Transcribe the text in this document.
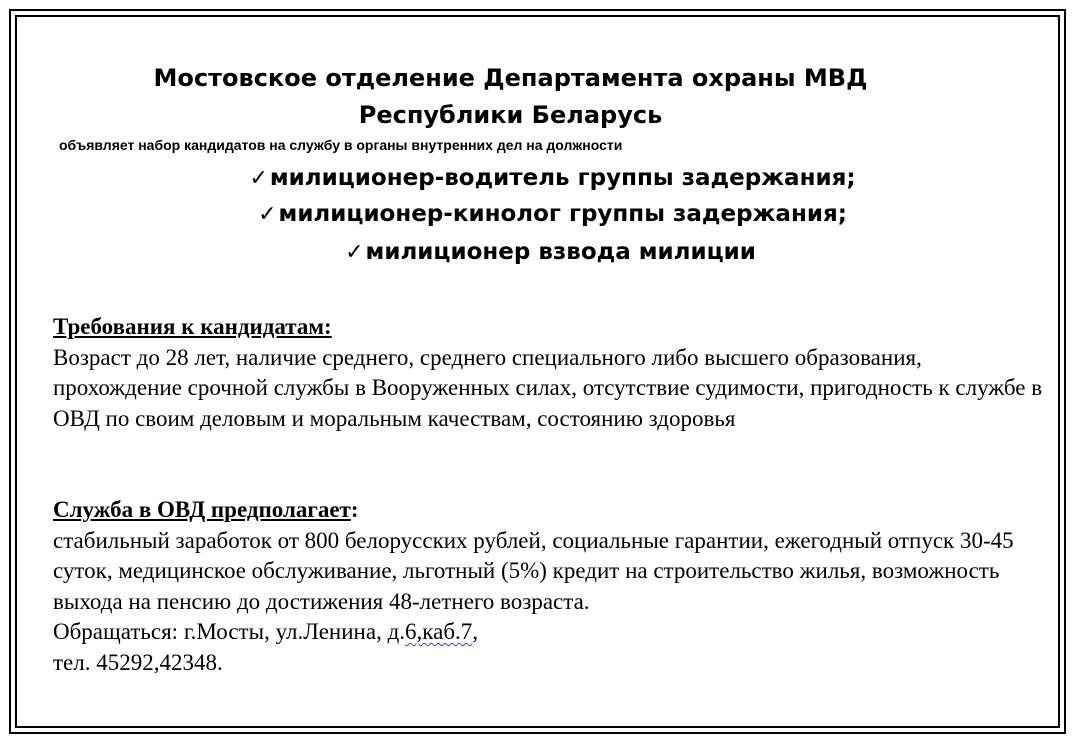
Мостовское отделение Департамента охраны МВД
Республики Беларусь
объявляет набор кандидатов на службу в органы внутренних дел на должности
✓милиционер-водитель группы задержания;
✓милиционер-кинолог группы задержания;
✓милиционер взвода милиции
Требования к кандидатам:
Возраст до 28 лет, наличие среднего, среднего специального либо высшего образования, прохождение срочной службы в Вооруженных силах, отсутствие судимости, пригодность к службе в ОВД по своим деловым и моральным качествам, состоянию здоровья
Служба в ОВД предполагает:
стабильный заработок от 800 белорусских рублей, социальные гарантии, ежегодный отпуск 30-45 суток, медицинское обслуживание, льготный (5%) кредит на строительство жилья, возможность выхода на пенсию до достижения 48-летнего возраста.
Обращаться: г.Мосты, ул.Ленина, д.6,каб.7,
тел. 45292,42348.
